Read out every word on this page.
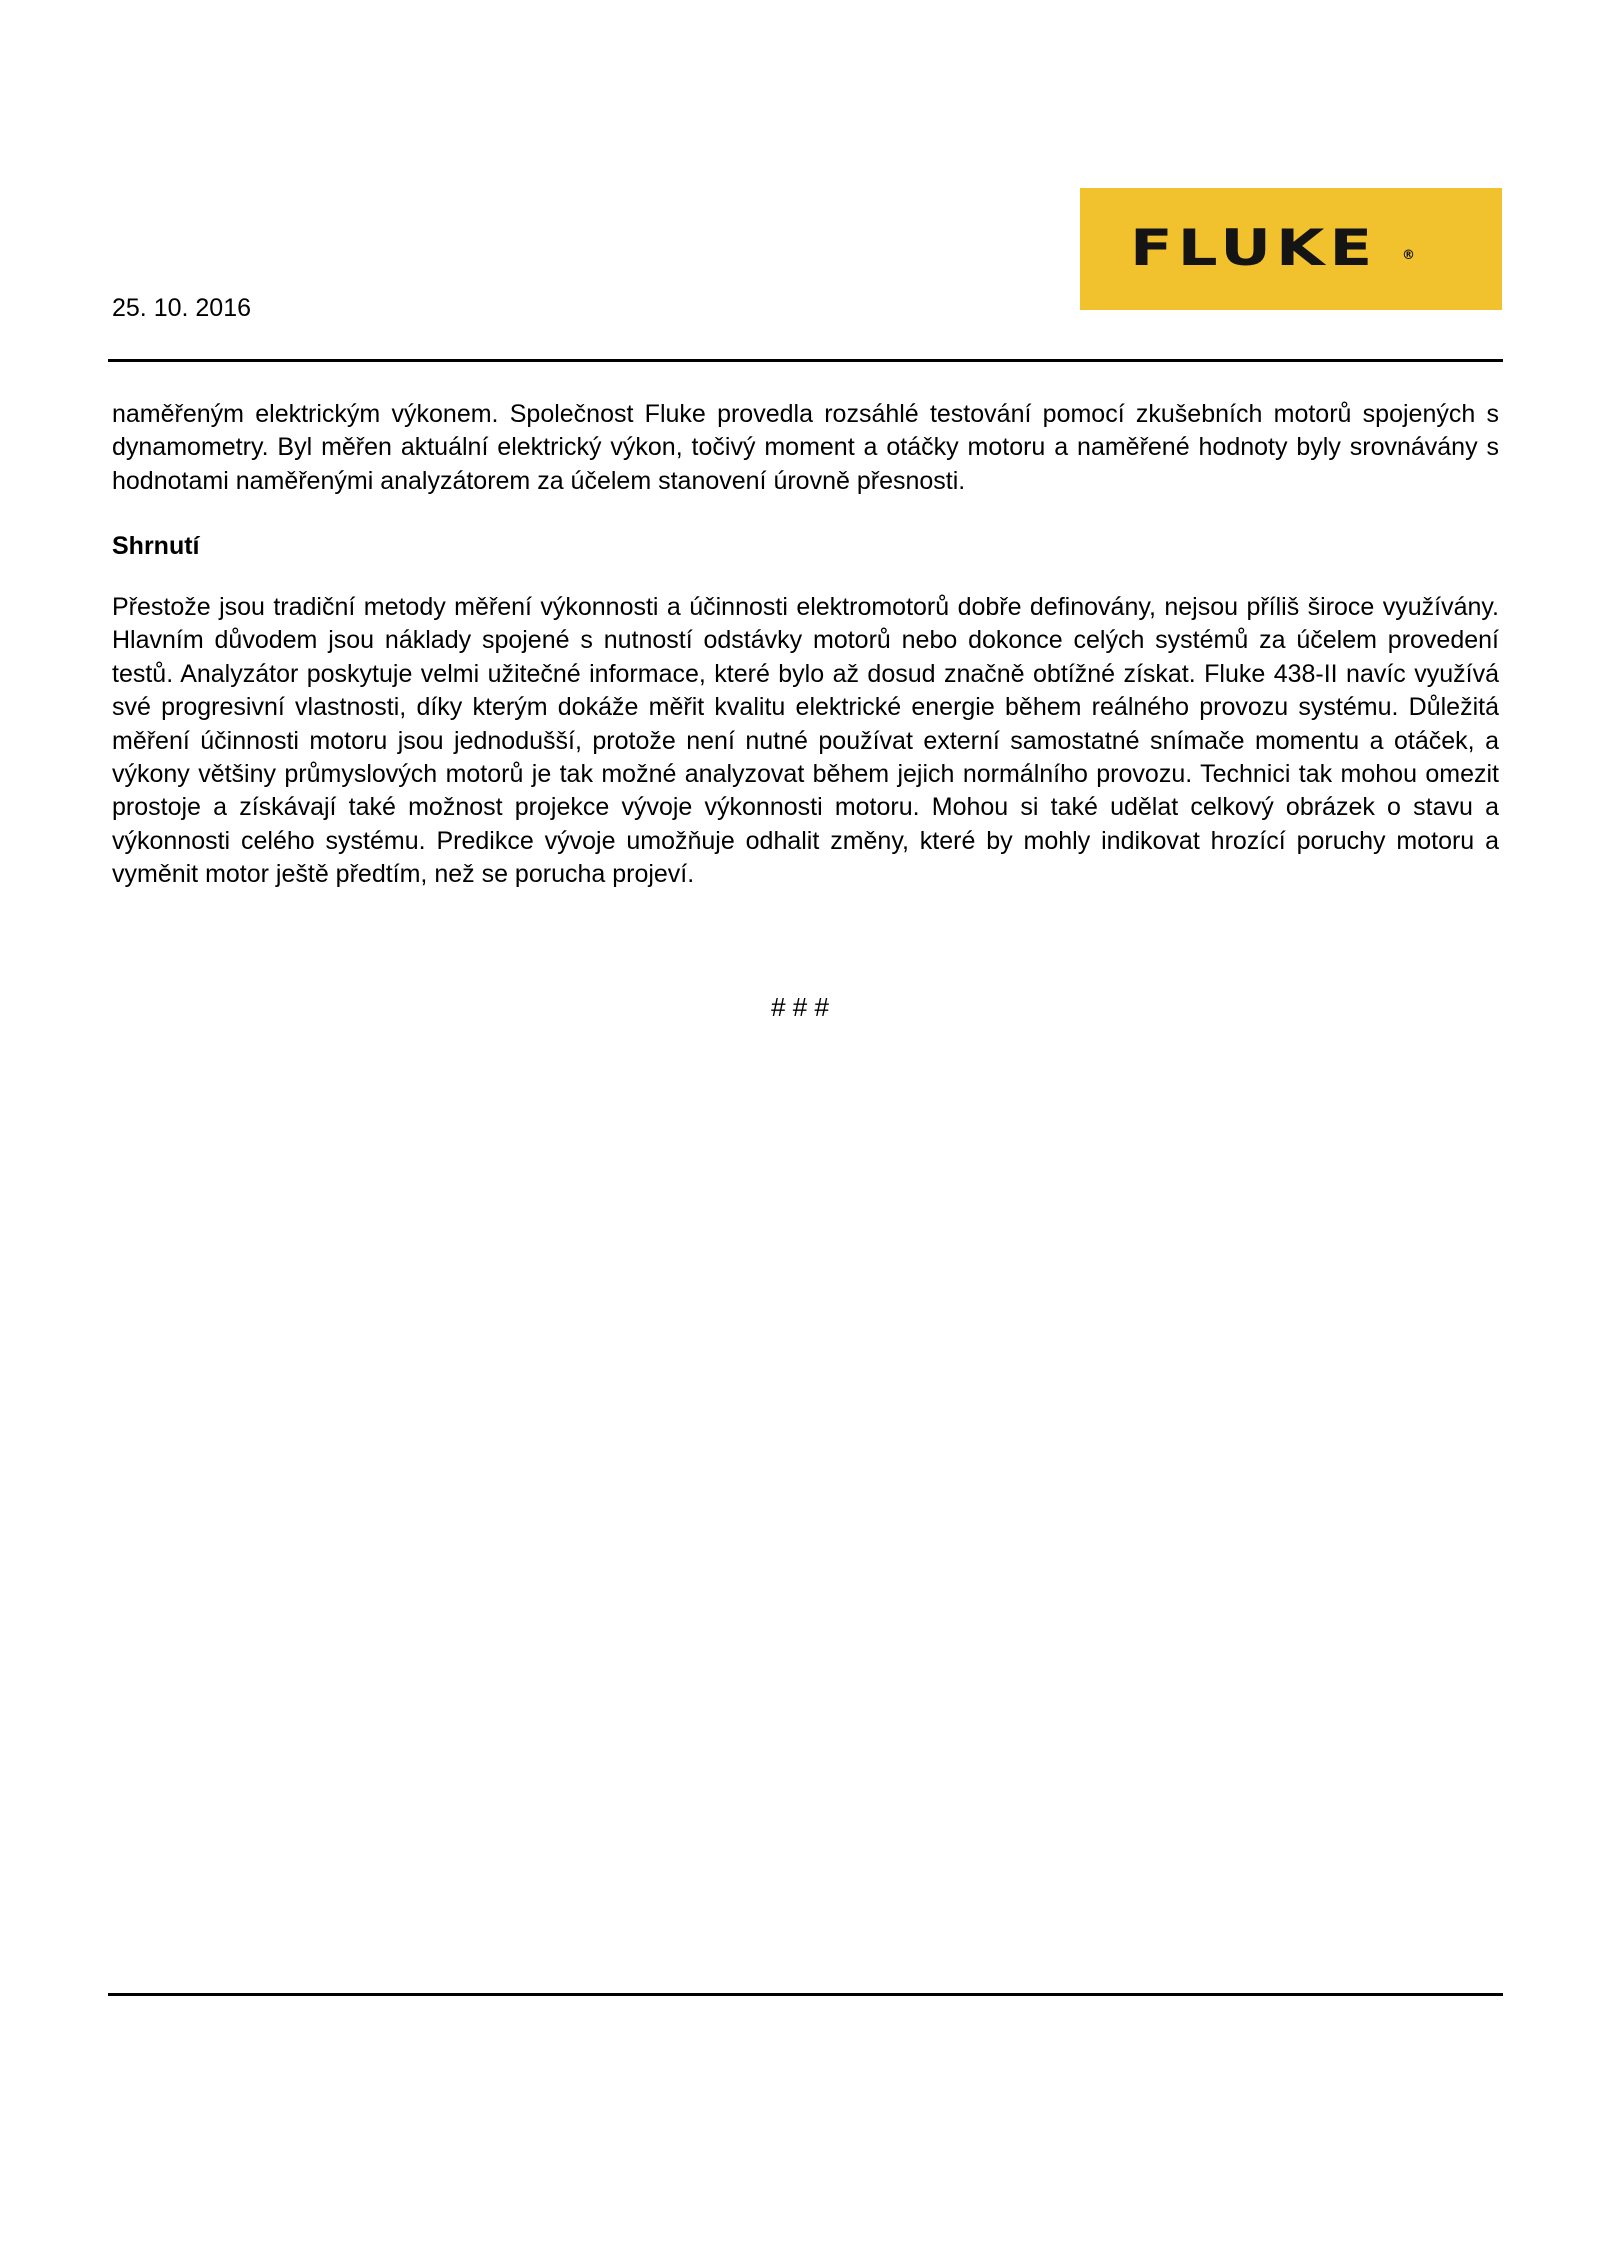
FLUKE ®
25. 10. 2016
naměřeným elektrickým výkonem. Společnost Fluke provedla rozsáhlé testování pomocí zkušebních motorů spojených s dynamometry. Byl měřen aktuální elektrický výkon, točivý moment a otáčky motoru a naměřené hodnoty byly srovnávány s hodnotami naměřenými analyzátorem za účelem stanovení úrovně přesnosti.
Shrnutí
Přestože jsou tradiční metody měření výkonnosti a účinnosti elektromotorů dobře definovány, nejsou příliš široce využívány. Hlavním důvodem jsou náklady spojené s nutností odstávky motorů nebo dokonce celých systémů za účelem provedení testů. Analyzátor poskytuje velmi užitečné informace, které bylo až dosud značně obtížné získat. Fluke 438-II navíc využívá své progresivní vlastnosti, díky kterým dokáže měřit kvalitu elektrické energie během reálného provozu systému. Důležitá měření účinnosti motoru jsou jednodušší, protože není nutné používat externí samostatné snímače momentu a otáček, a výkony většiny průmyslových motorů je tak možné analyzovat během jejich normálního provozu. Technici tak mohou omezit prostoje a získávají také možnost projekce vývoje výkonnosti motoru. Mohou si také udělat celkový obrázek o stavu a výkonnosti celého systému. Predikce vývoje umožňuje odhalit změny, které by mohly indikovat hrozící poruchy motoru a vyměnit motor ještě předtím, než se porucha projeví.
# # #
